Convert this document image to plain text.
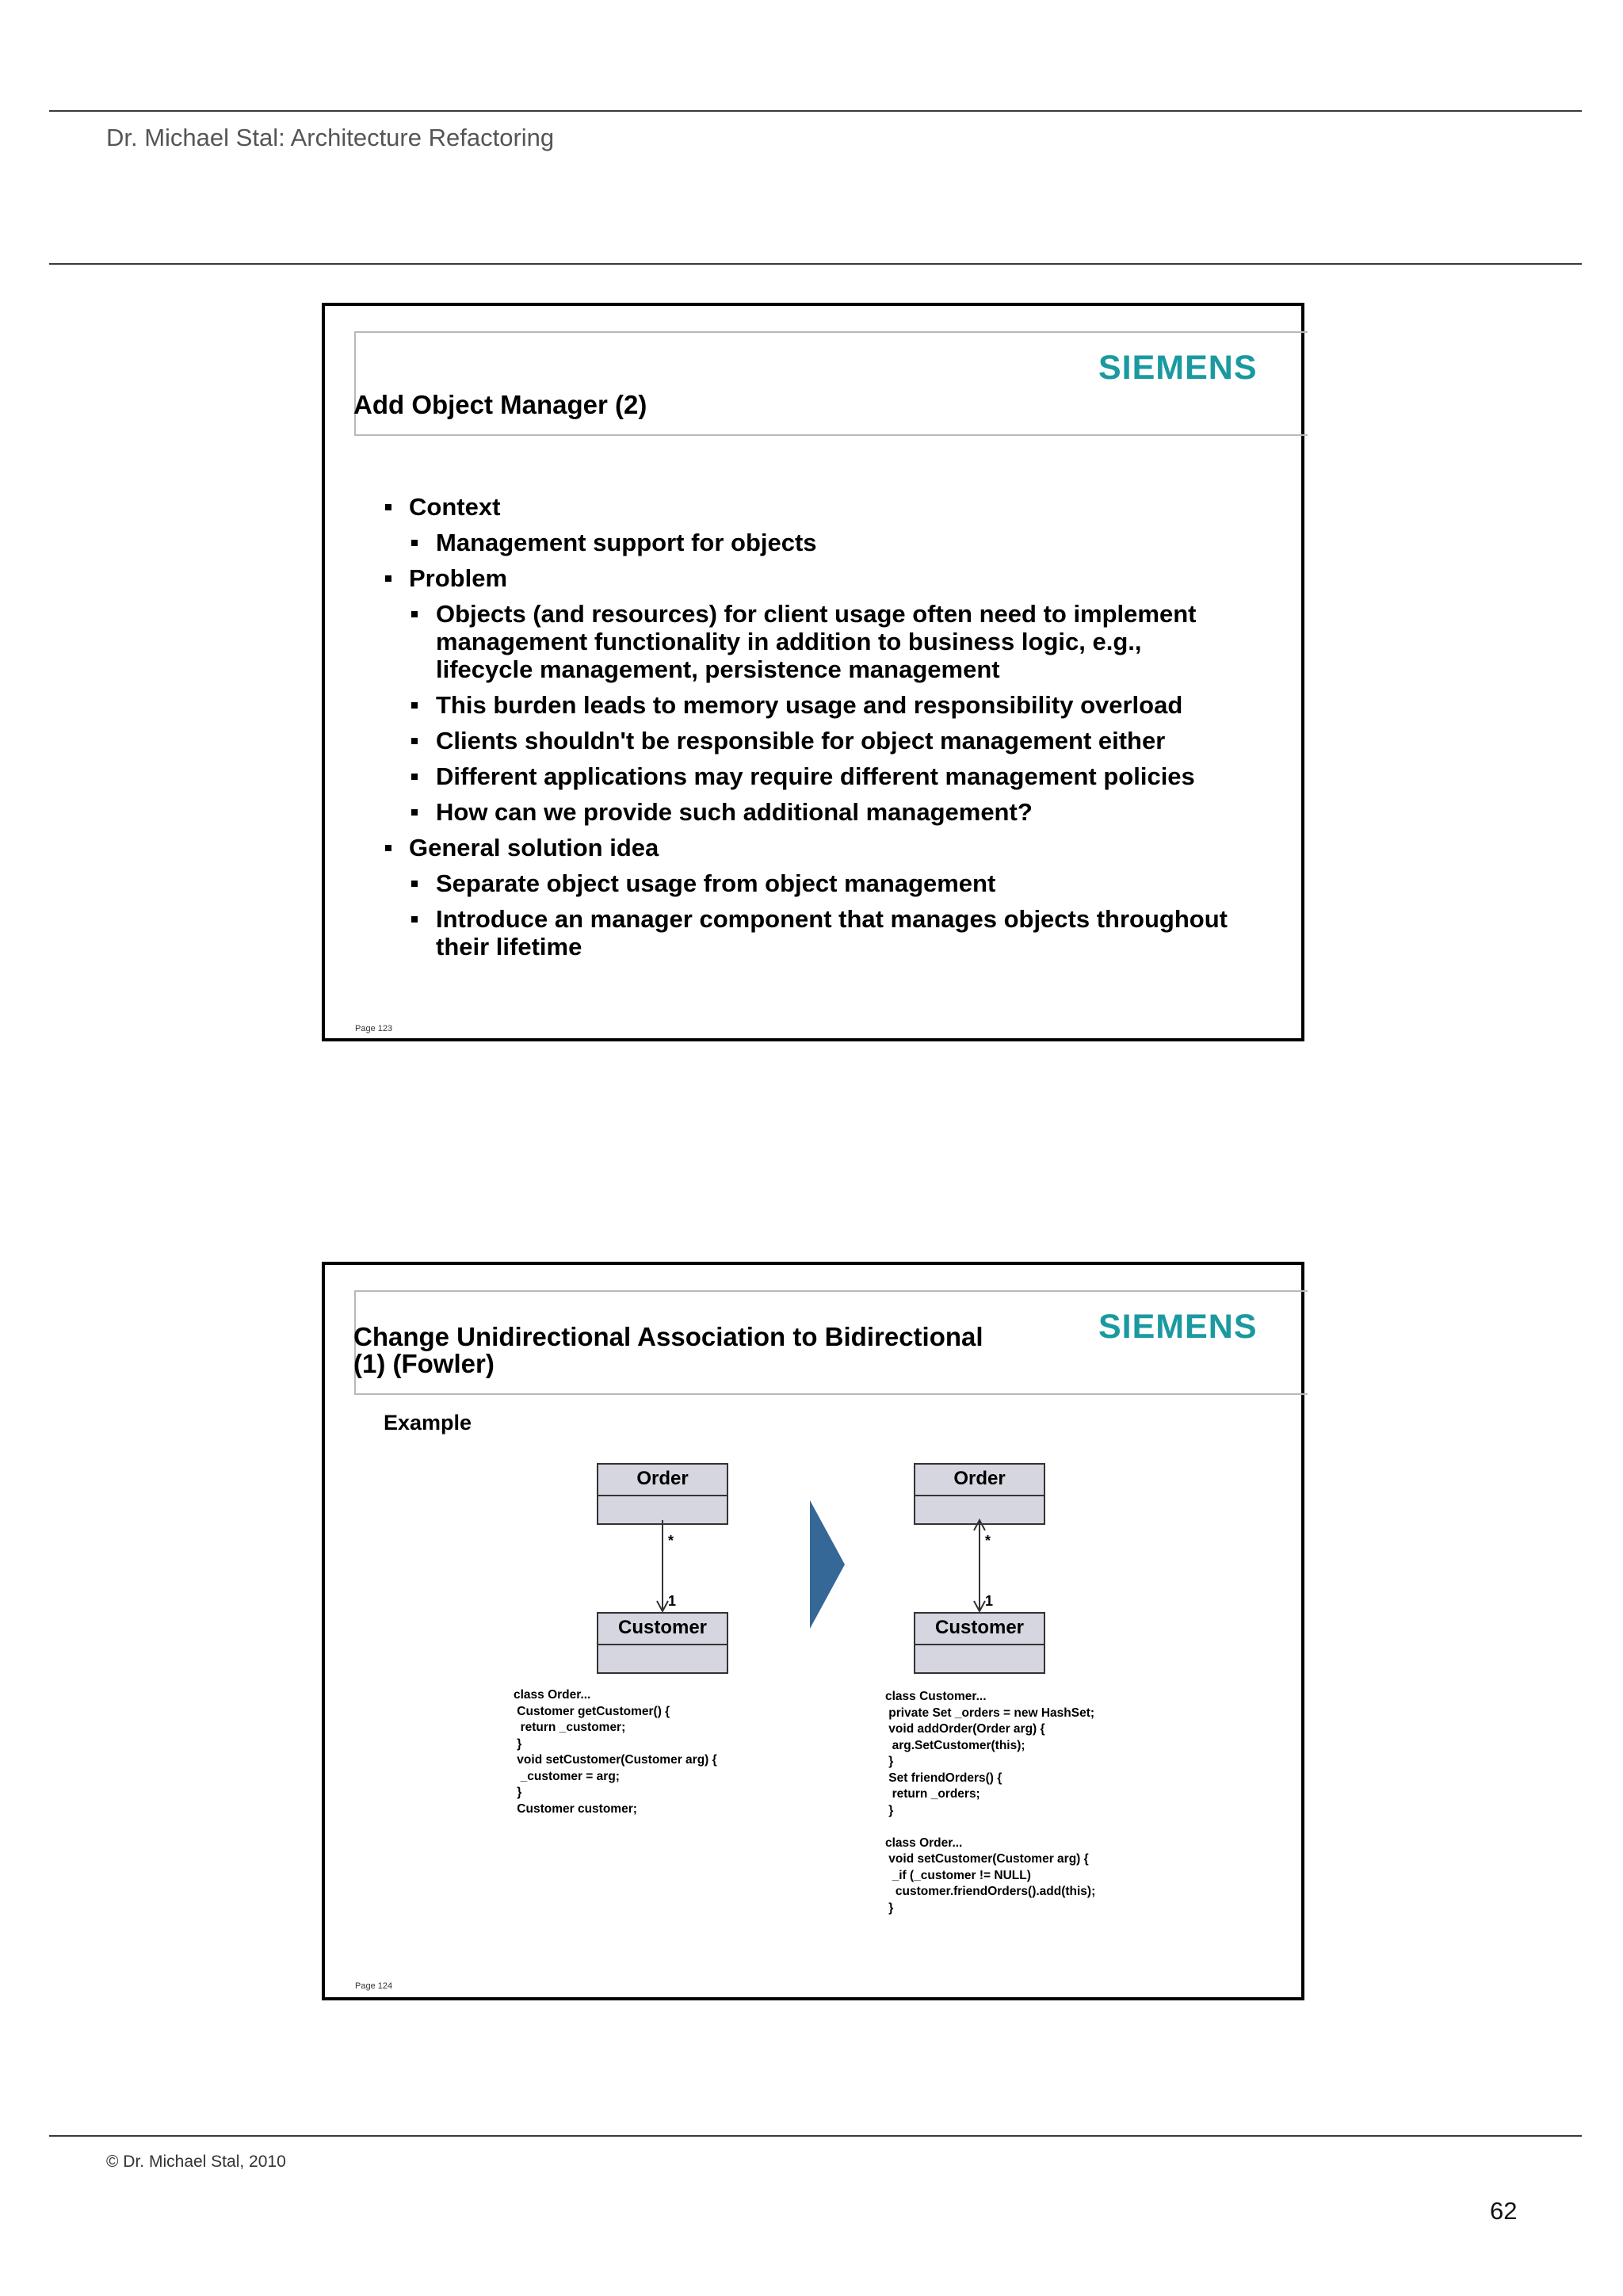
Dr. Michael Stal: Architecture Refactoring
Add Object Manager (2)
SIEMENS
Context
Management support for objects
Problem
Objects (and resources) for client usage often need to implement management functionality in addition to business logic, e.g., lifecycle management, persistence management
This burden leads to memory usage and responsibility overload
Clients shouldn't be responsible for object management either
Different applications may require different management policies
How can we provide such additional management?
General solution idea
Separate object usage from object management
Introduce an manager component that manages objects throughout their lifetime
Page 123
Change Unidirectional Association to Bidirectional (1) (Fowler)
SIEMENS
Example
Order
Customer
*
1
Order
Customer
*
1
class Order...
Customer getCustomer() {
return _customer;
}
void setCustomer(Customer arg) {
_customer = arg;
}
Customer customer;
class Customer...
private Set _orders = new HashSet;
void addOrder(Order arg) {
arg.SetCustomer(this);
}
Set friendOrders() {
return _orders;
}

class Order...
void setCustomer(Customer arg) {
_if (_customer != NULL)
customer.friendOrders().add(this);
}
Page 124
© Dr. Michael Stal, 2010
62
